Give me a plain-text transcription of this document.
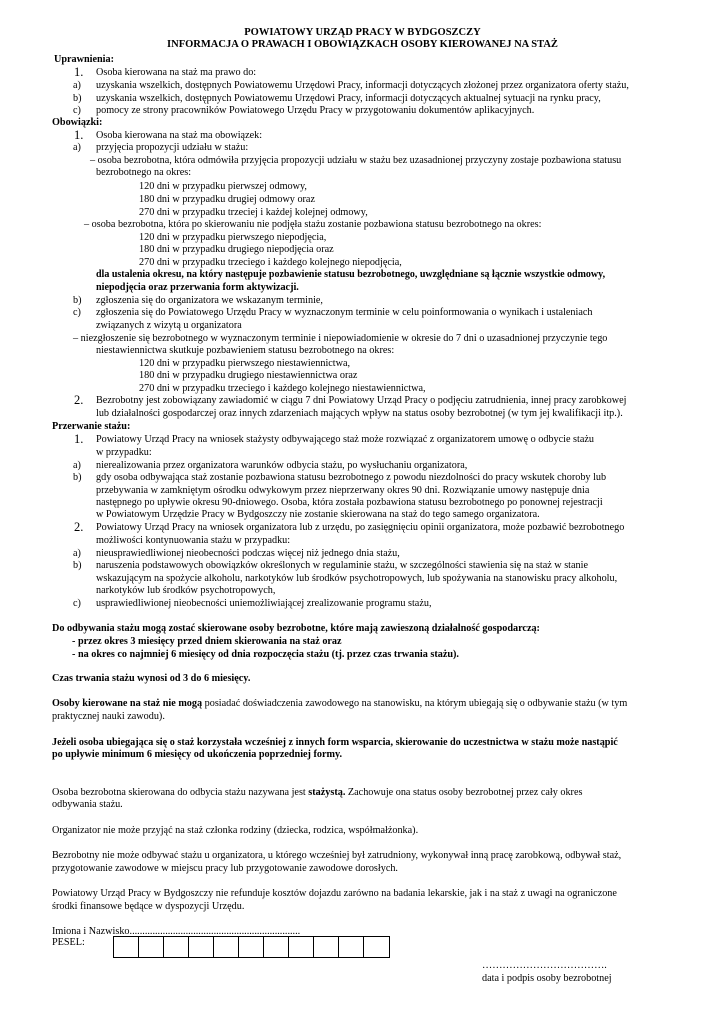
POWIATOWY URZĄD PRACY W BYDGOSZCZY
INFORMACJA O PRAWACH I OBOWIĄZKACH OSOBY KIEROWANEJ NA STAŻ
Uprawnienia:
1. Osoba kierowana na staż ma prawo do:
a) uzyskania wszelkich, dostępnych Powiatowemu Urzędowi Pracy, informacji dotyczących złożonej przez organizatora oferty stażu,
b) uzyskania wszelkich, dostępnych Powiatowemu Urzędowi Pracy, informacji dotyczących aktualnej sytuacji na rynku pracy,
c) pomocy ze strony pracowników Powiatowego Urzędu Pracy w przygotowaniu dokumentów aplikacyjnych.
Obowiązki:
1. Osoba kierowana na staż ma obowiązek:
a) przyjęcia propozycji udziału w stażu:
– osoba bezrobotna, która odmówiła przyjęcia propozycji udziału w stażu bez uzasadnionej przyczyny zostaje pozbawiona statusu
bezrobotnego na okres:
120 dni w przypadku pierwszej odmowy,
180 dni w przypadku drugiej odmowy oraz
270 dni w przypadku trzeciej i każdej kolejnej odmowy,
– osoba bezrobotna, która po skierowaniu nie podjęła stażu zostanie pozbawiona statusu bezrobotnego na okres:
120 dni w przypadku pierwszego niepodjęcia,
180 dni w przypadku drugiego niepodjęcia oraz
270 dni w przypadku trzeciego i każdego kolejnego niepodjęcia,
dla ustalenia okresu, na który następuje pozbawienie statusu bezrobotnego, uwzględniane są łącznie wszystkie odmowy,
niepodjęcia oraz przerwania form aktywizacji.
b) zgłoszenia się do organizatora we wskazanym terminie,
c) zgłoszenia się do Powiatowego Urzędu Pracy w wyznaczonym terminie w celu poinformowania o wynikach i ustaleniach
związanych z wizytą u organizatora
– niezgłoszenie się bezrobotnego w wyznaczonym terminie i niepowiadomienie w okresie do 7 dni o uzasadnionej przyczynie tego
niestawiennictwa skutkuje pozbawieniem statusu bezrobotnego na okres:
120 dni w przypadku pierwszego niestawiennictwa,
180 dni w przypadku drugiego niestawiennictwa oraz
270 dni w przypadku trzeciego i każdego kolejnego niestawiennictwa,
2. Bezrobotny jest zobowiązany zawiadomić w ciągu 7 dni Powiatowy Urząd Pracy o podjęciu zatrudnienia, innej pracy zarobkowej
lub działalności gospodarczej oraz innych zdarzeniach mających wpływ na status osoby bezrobotnej (w tym jej kwalifikacji itp.).
Przerwanie stażu:
1. Powiatowy Urząd Pracy na wniosek stażysty odbywającego staż może rozwiązać z organizatorem umowę o odbycie stażu
w przypadku:
a) nierealizowania przez organizatora warunków odbycia stażu, po wysłuchaniu organizatora,
b) gdy osoba odbywająca staż zostanie pozbawiona statusu bezrobotnego z powodu niezdolności do pracy wskutek choroby lub
przebywania w zamkniętym ośrodku odwykowym przez nieprzerwany okres 90 dni. Rozwiązanie umowy następuje dnia
następnego po upływie okresu 90-dniowego. Osoba, która została pozbawiona statusu bezrobotnego po ponownej rejestracji
w Powiatowym Urzędzie Pracy w Bydgoszczy nie zostanie skierowana na staż do tego samego organizatora.
2. Powiatowy Urząd Pracy na wniosek organizatora lub z urzędu, po zasięgnięciu opinii organizatora, może pozbawić bezrobotnego
możliwości kontynuowania stażu w przypadku:
a) nieusprawiedliwionej nieobecności podczas więcej niż jednego dnia stażu,
b) naruszenia podstawowych obowiązków określonych w regulaminie stażu, w szczególności stawienia się na staż w stanie
wskazującym na spożycie alkoholu, narkotyków lub środków psychotropowych, lub spożywania na stanowisku pracy alkoholu,
narkotyków lub środków psychotropowych,
c) usprawiedliwionej nieobecności uniemożliwiającej zrealizowanie programu stażu,
Do odbywania stażu mogą zostać skierowane osoby bezrobotne, które mają zawieszoną działalność gospodarczą:
- przez okres 3 miesięcy przed dniem skierowania na staż oraz
- na okres co najmniej 6 miesięcy od dnia rozpoczęcia stażu (tj. przez czas trwania stażu).
Czas trwania stażu wynosi od 3 do 6 miesięcy.
Osoby kierowane na staż nie mogą posiadać doświadczenia zawodowego na stanowisku, na którym ubiegają się o odbywanie stażu (w tym
praktycznej nauki zawodu).
Jeżeli osoba ubiegająca się o staż korzystała wcześniej z innych form wsparcia, skierowanie do uczestnictwa w stażu może nastąpić
po upływie minimum 6 miesięcy od ukończenia poprzedniej formy.
Osoba bezrobotna skierowana do odbycia stażu nazywana jest stażystą. Zachowuje ona status osoby bezrobotnej przez cały okres
odbywania stażu.
Organizator nie może przyjąć na staż członka rodziny (dziecka, rodzica, współmałżonka).
Bezrobotny nie może odbywać stażu u organizatora, u którego wcześniej był zatrudniony, wykonywał inną pracę zarobkową, odbywał staż,
przygotowanie zawodowe w miejscu pracy lub przygotowanie zawodowe dorosłych.
Powiatowy Urząd Pracy w Bydgoszczy nie refunduje kosztów dojazdu zarówno na badania lekarskie, jak i na staż z uwagi na ograniczone
środki finansowe będące w dyspozycji Urzędu.
Imiona i Nazwisko...................................................................
PESEL:
……………………………….
data i podpis osoby bezrobotnej
